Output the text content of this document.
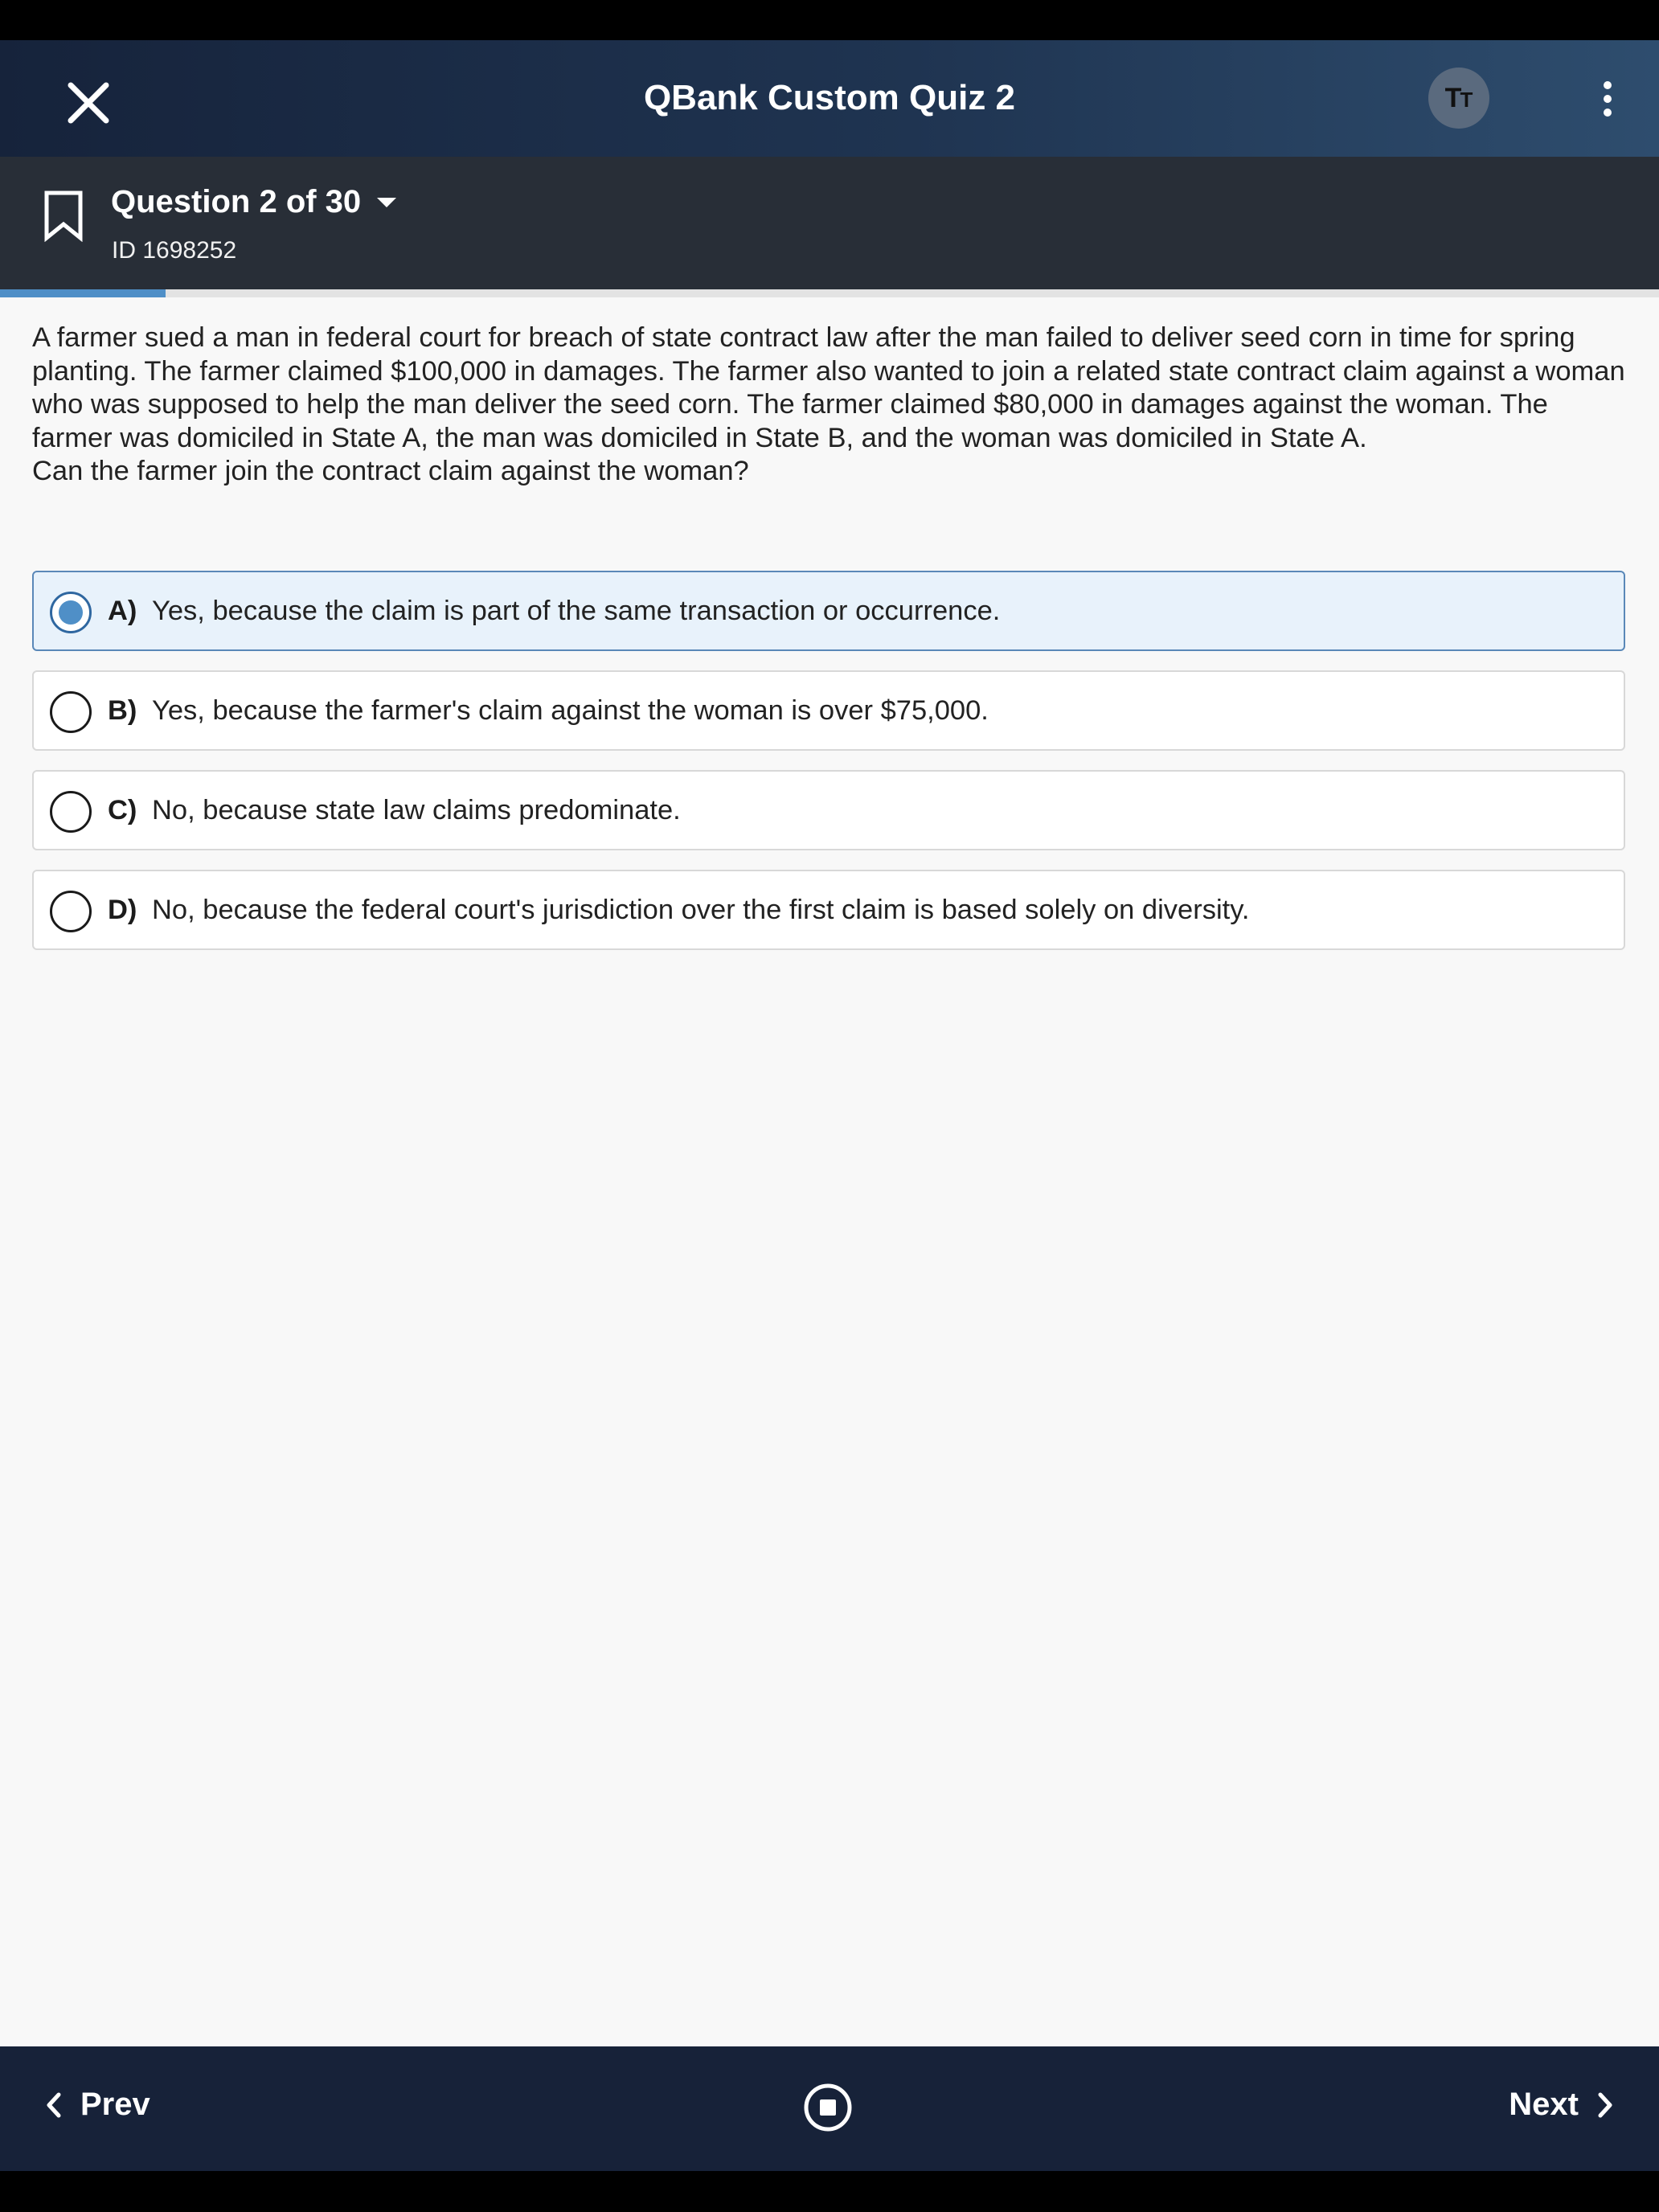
QBank Custom Quiz 2	TT
Question 2 of 30
ID 1698252

A farmer sued a man in federal court for breach of state contract law after the man failed to deliver seed corn in time for spring planting. The farmer claimed $100,000 in damages. The farmer also wanted to join a related state contract claim against a woman who was supposed to help the man deliver the seed corn. The farmer claimed $80,000 in damages against the woman. The farmer was domiciled in State A, the man was domiciled in State B, and the woman was domiciled in State A.

Can the farmer join the contract claim against the woman?

A) Yes, because the claim is part of the same transaction or occurrence.
B) Yes, because the farmer's claim against the woman is over $75,000.
C) No, because state law claims predominate.
D) No, because the federal court's jurisdiction over the first claim is based solely on diversity.
Prev	Next
